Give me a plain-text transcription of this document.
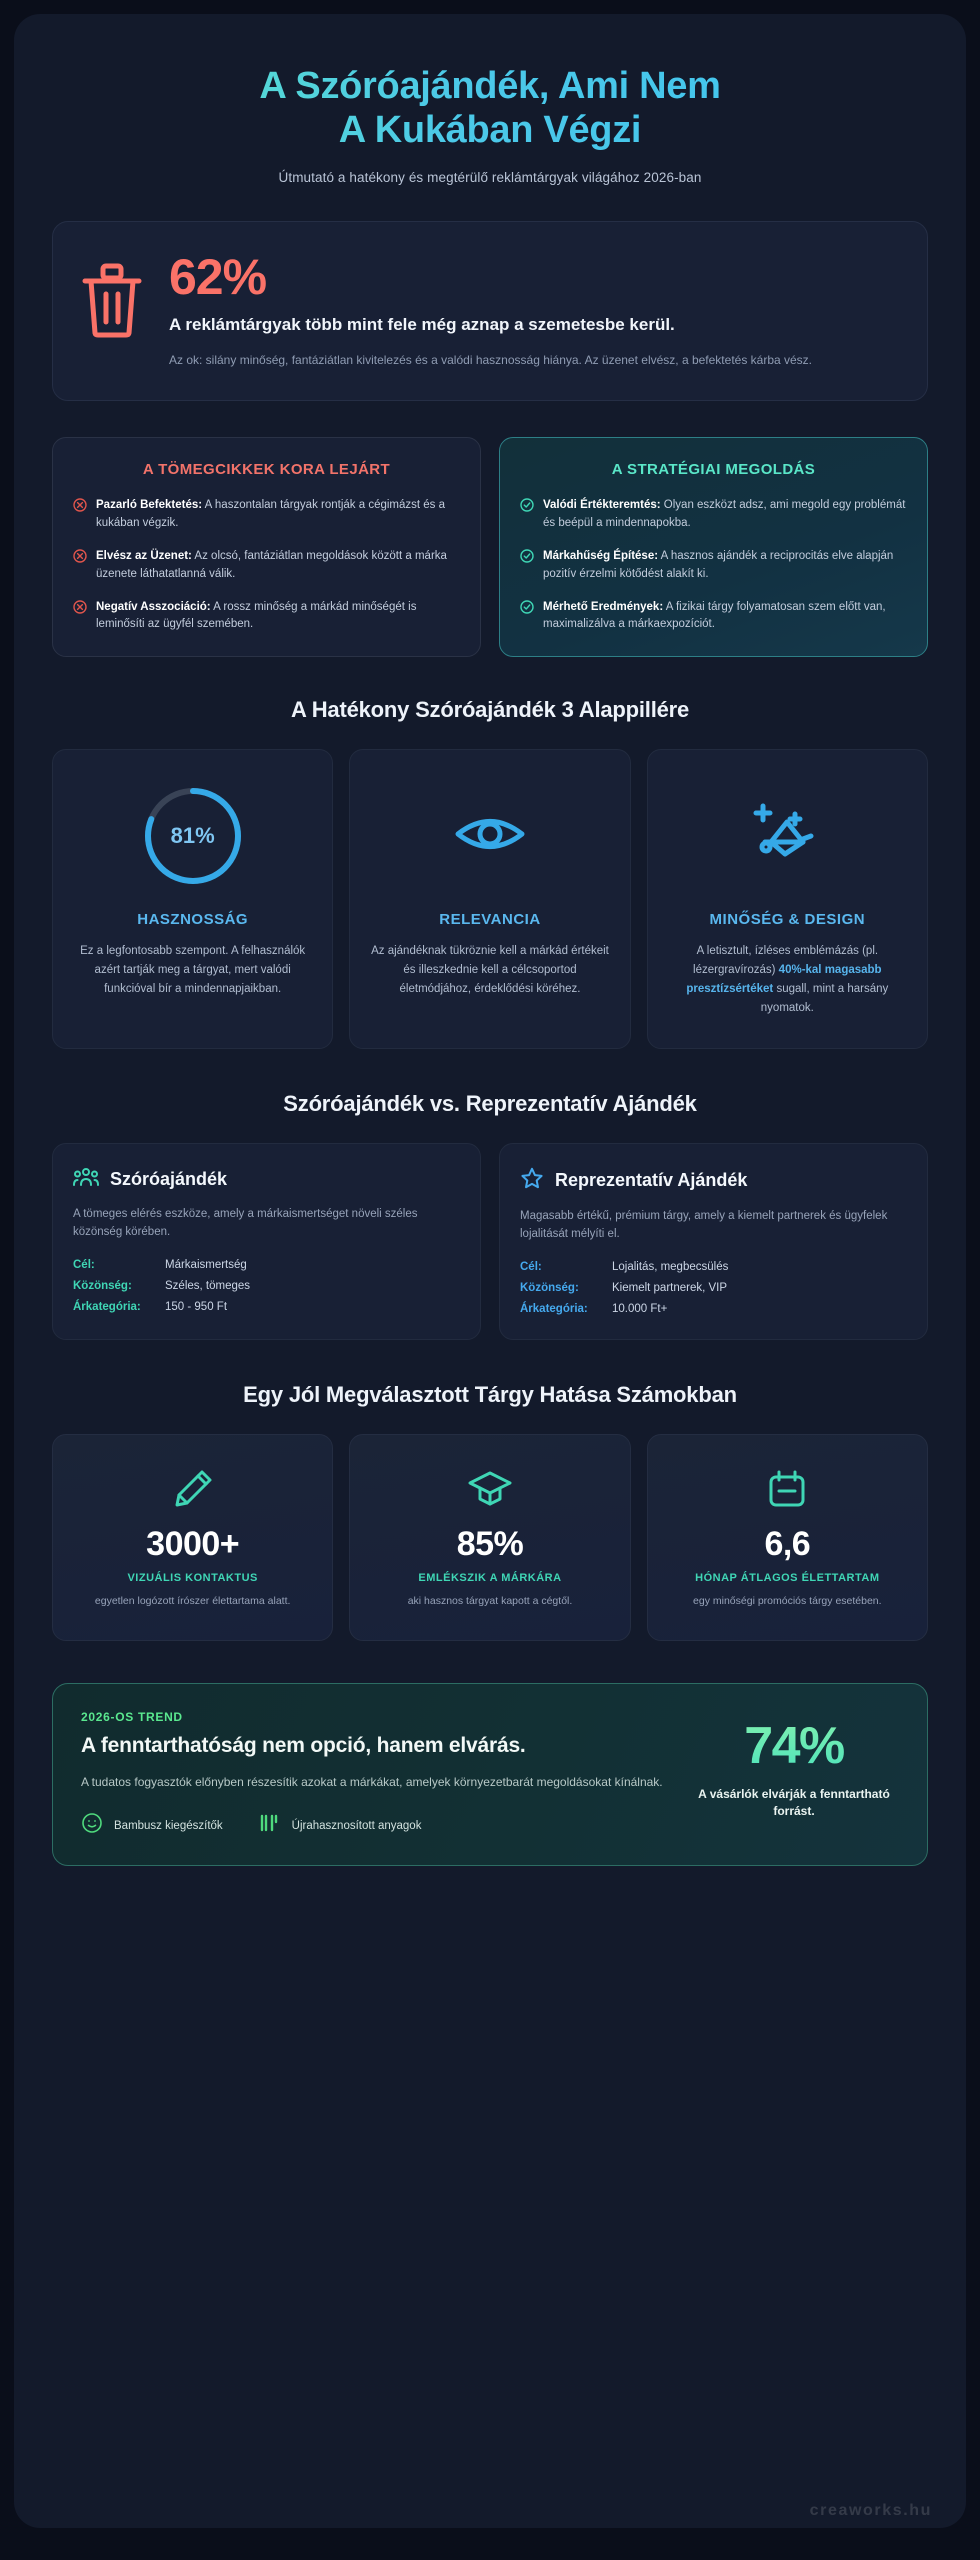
A Szóróajándék, Ami Nem
A Kukában Végzi
Útmutató a hatékony és megtérülő reklámtárgyak világához 2026-ban
62%
A reklámtárgyak több mint fele még aznap a szemetesbe kerül.
Az ok: silány minőség, fantáziátlan kivitelezés és a valódi hasznosság hiánya. Az üzenet elvész, a befektetés kárba vész.
A TÖMEGCIKKEK KORA LEJÁRT
Pazarló Befektetés: A haszontalan tárgyak rontják a cégimázst és a kukában végzik.
Elvész az Üzenet: Az olcsó, fantáziátlan megoldások között a márka üzenete láthatatlanná válik.
Negatív Asszociáció: A rossz minőség a márkád minőségét is leminősíti az ügyfél szemében.
A STRATÉGIAI MEGOLDÁS
Valódi Értékteremtés: Olyan eszközt adsz, ami megold egy problémát és beépül a mindennapokba.
Márkahűség Építése: A hasznos ajándék a reciprocitás elve alapján pozitív érzelmi kötődést alakít ki.
Mérhető Eredmények: A fizikai tárgy folyamatosan szem előtt van, maximalizálva a márkaexpozíciót.
A Hatékony Szóróajándék 3 Alappillére
81%
HASZNOSSÁG
Ez a legfontosabb szempont. A felhasználók azért tartják meg a tárgyat, mert valódi funkcióval bír a mindennapjaikban.
RELEVANCIA
Az ajándéknak tükröznie kell a márkád értékeit és illeszkednie kell a célcsoportod életmódjához, érdeklődési köréhez.
MINŐSÉG & DESIGN
A letisztult, ízléses emblémázás (pl. lézergravírozás) 40%-kal magasabb presztízsértéket sugall, mint a harsány nyomatok.
Szóróajándék vs. Reprezentatív Ajándék
Szóróajándék
A tömeges elérés eszköze, amely a márkaismertséget növeli széles közönség körében.
Cél:	Márkaismertség
Közönség:	Széles, tömeges
Árkategória:	150 - 950 Ft
Reprezentatív Ajándék
Magasabb értékű, prémium tárgy, amely a kiemelt partnerek és ügyfelek lojalitását mélyíti el.
Cél:	Lojalitás, megbecsülés
Közönség:	Kiemelt partnerek, VIP
Árkategória:	10.000 Ft+
Egy Jól Megválasztott Tárgy Hatása Számokban
3000+
VIZUÁLIS KONTAKTUS
egyetlen logózott írószer élettartama alatt.
85%
EMLÉKSZIK A MÁRKÁRA
aki hasznos tárgyat kapott a cégtől.
6,6
HÓNAP ÁTLAGOS ÉLETTARTAM
egy minőségi promóciós tárgy esetében.
2026-OS TREND
A fenntarthatóság nem opció, hanem elvárás.
A tudatos fogyasztók előnyben részesítik azokat a márkákat, amelyek környezetbarát megoldásokat kínálnak.
Bambusz kiegészítők	Újrahasznosított anyagok
74%
A vásárlók elvárják a fenntartható forrást.
creaworks.hu
